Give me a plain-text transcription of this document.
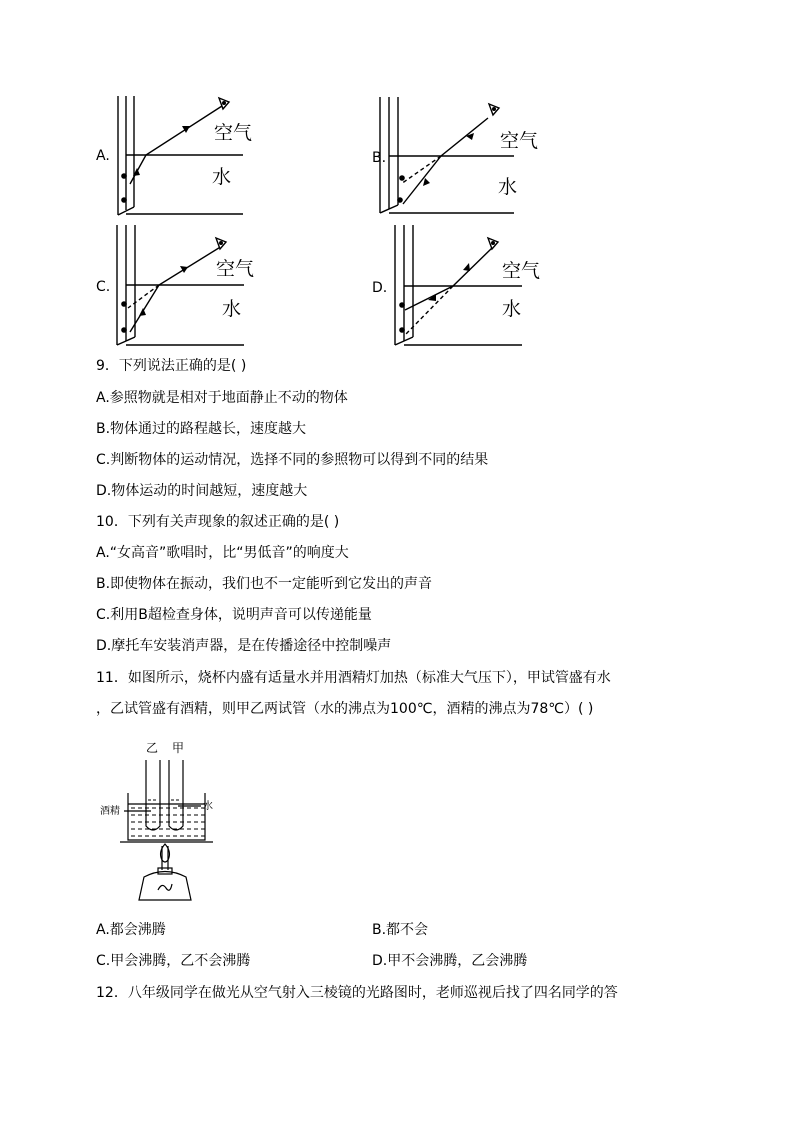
A.
空气
水
B.
空气
水
C.
空气
水
D.
空气
水
9．下列说法正确的是( )
A.参照物就是相对于地面静止不动的物体
B.物体通过的路程越长，速度越大
C.判断物体的运动情况，选择不同的参照物可以得到不同的结果
D.物体运动的时间越短，速度越大
10．下列有关声现象的叙述正确的是( )
A.“女高音”歌唱时，比“男低音”的响度大
B.即使物体在振动，我们也不一定能听到它发出的声音
C.利用B超检查身体，说明声音可以传递能量
D.摩托车安装消声器，是在传播途径中控制噪声
11．如图所示，烧杯内盛有适量水并用酒精灯加热（标准大气压下），甲试管盛有水
，乙试管盛有酒精，则甲乙两试管（水的沸点为100℃，酒精的沸点为78℃）( )
乙 甲
酒精	水
A.都会沸腾	B.都不会
C.甲会沸腾，乙不会沸腾	D.甲不会沸腾，乙会沸腾
12．八年级同学在做光从空气射入三棱镜的光路图时，老师巡视后找了四名同学的答
